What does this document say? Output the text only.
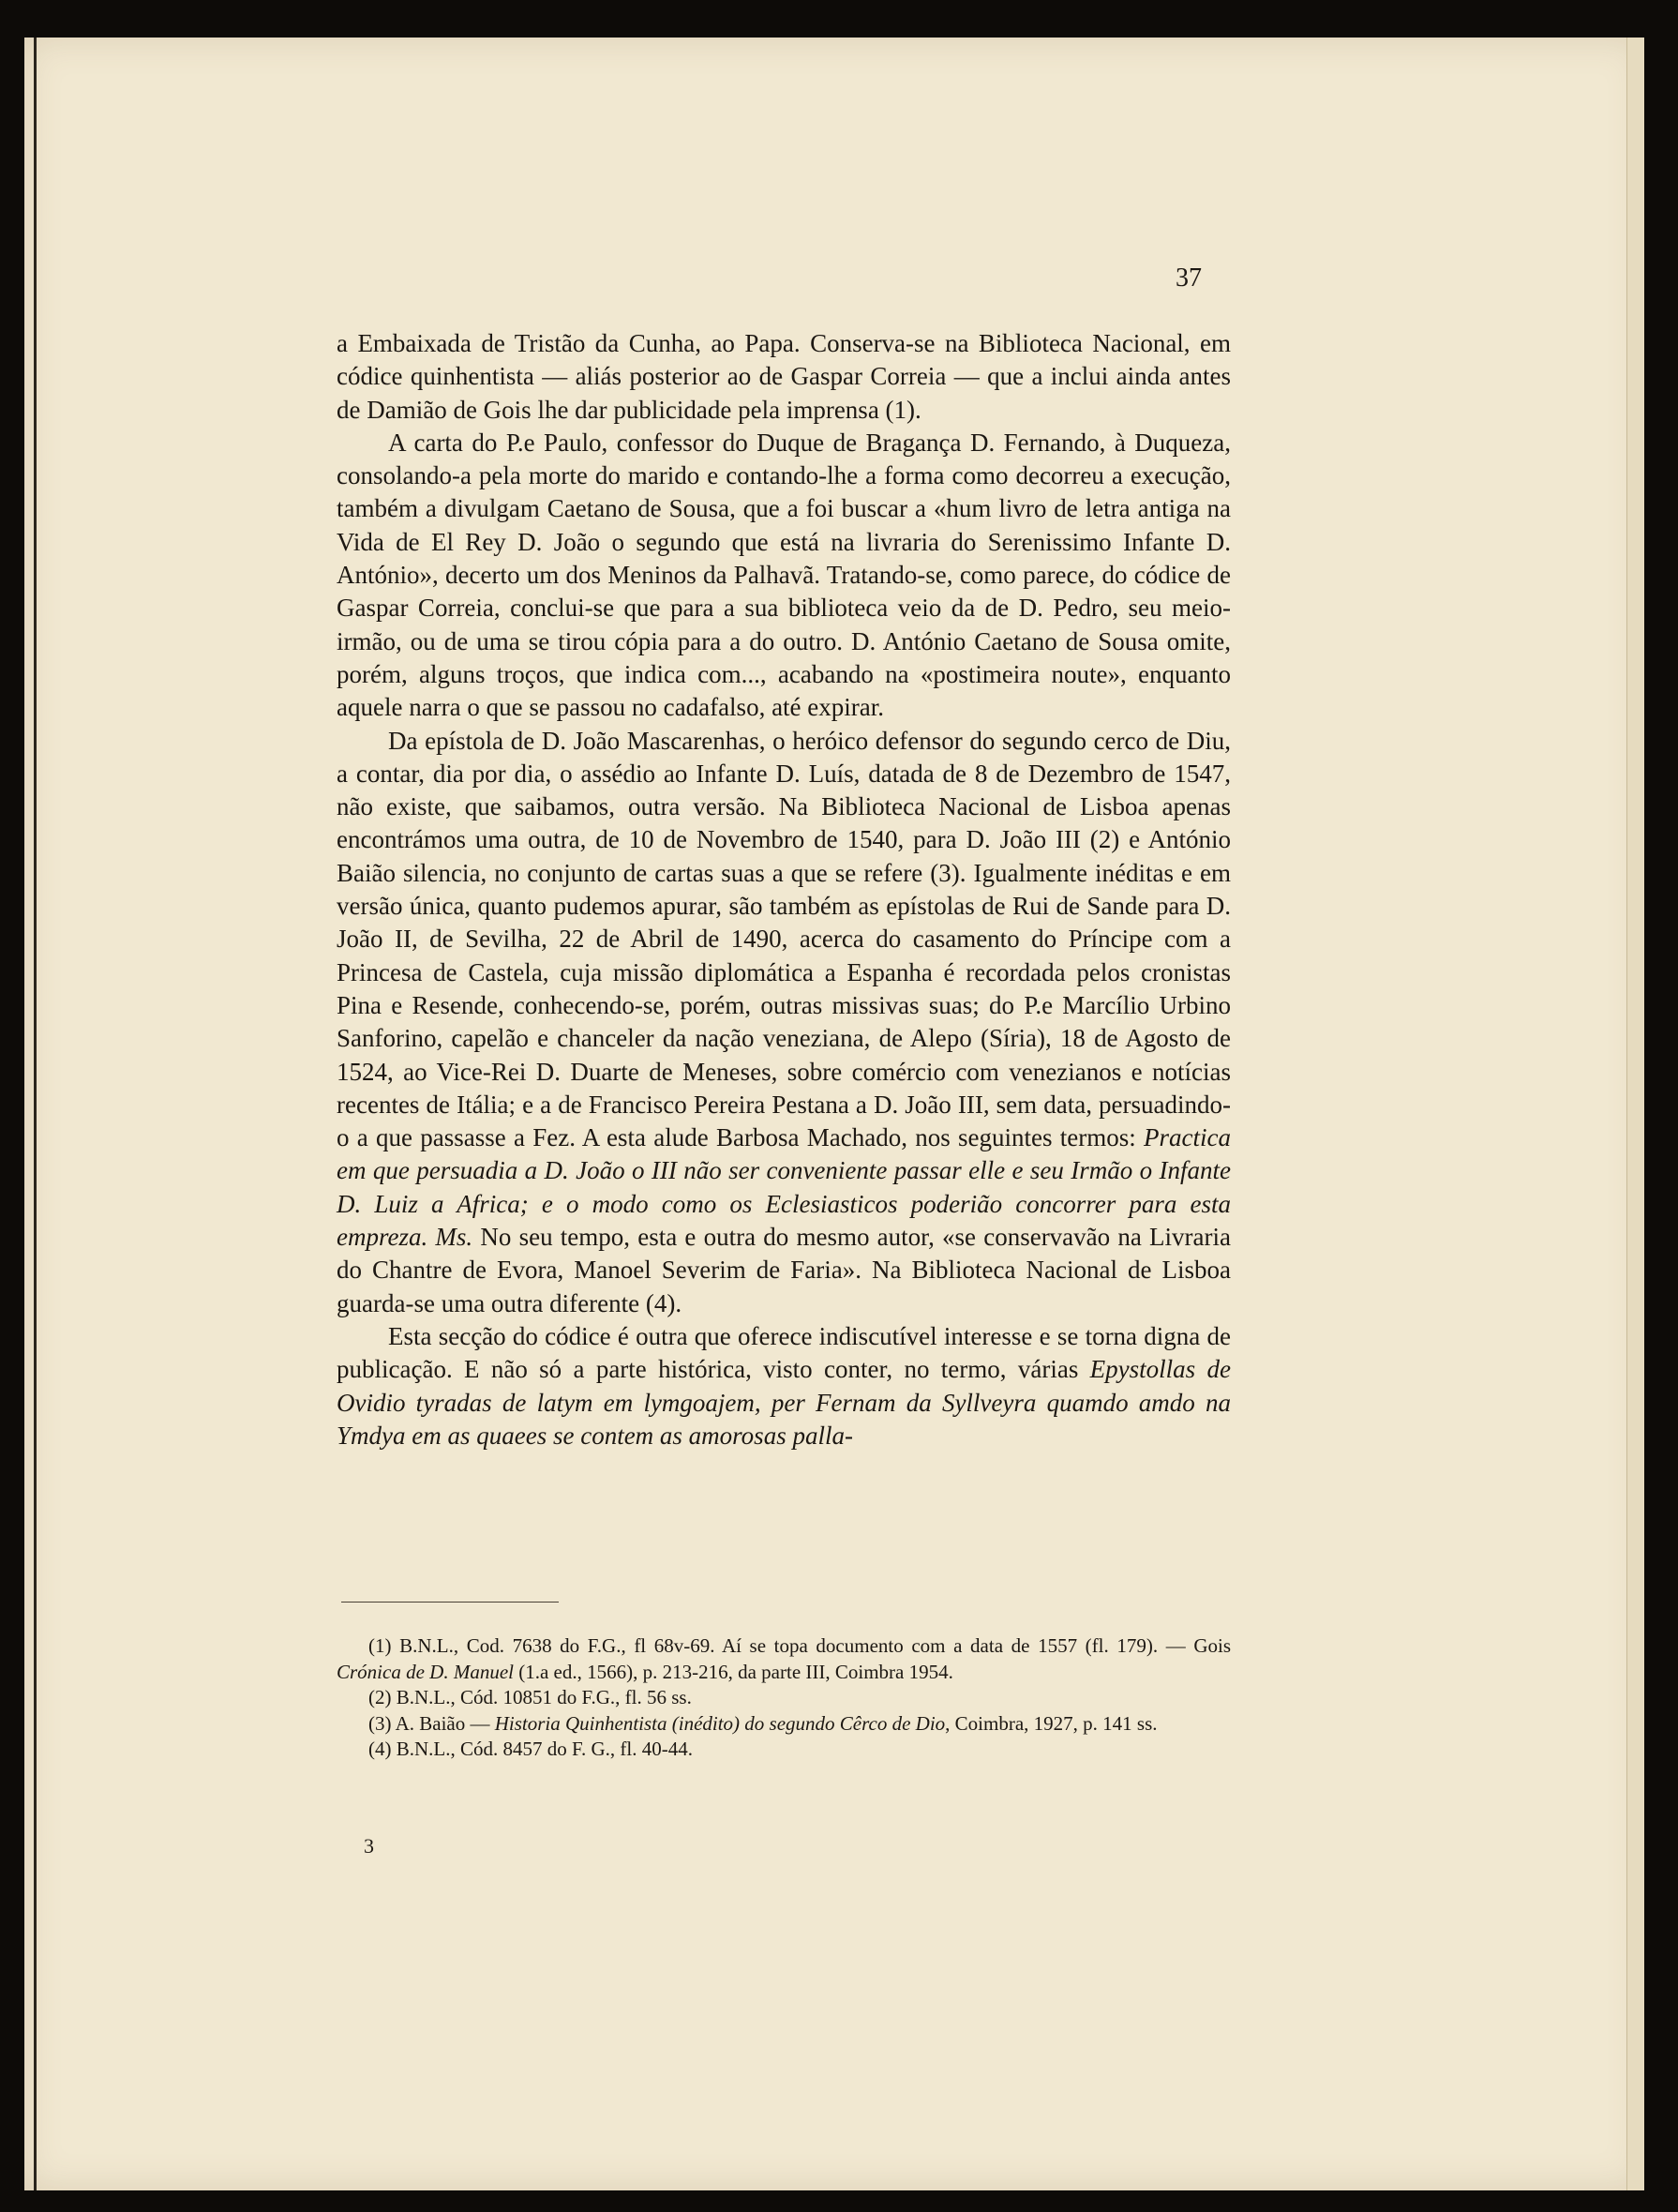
37

a Embaixada de Tristão da Cunha, ao Papa. Conserva-se na Biblioteca Nacional, em códice quinhentista — aliás posterior ao de Gaspar Correia — que a inclui ainda antes de Damião de Gois lhe dar publicidade pela imprensa (1).

A carta do P.e Paulo, confessor do Duque de Bragança D. Fernando, à Duqueza, consolando-a pela morte do marido e contando-lhe a forma como decorreu a execução, também a divulgam Caetano de Sousa, que a foi buscar a «hum livro de letra antiga na Vida de El Rey D. João o segundo que está na livraria do Serenissimo Infante D. António», decerto um dos Meninos da Palhavã. Tratando-se, como parece, do códice de Gaspar Correia, conclui-se que para a sua biblioteca veio da de D. Pedro, seu meio-irmão, ou de uma se tirou cópia para a do outro. D. António Caetano de Sousa omite, porém, alguns troços, que indica com..., acabando na «postimeira noute», enquanto aquele narra o que se passou no cadafalso, até expirar.

Da epístola de D. João Mascarenhas, o heróico defensor do segundo cerco de Diu, a contar, dia por dia, o assédio ao Infante D. Luís, datada de 8 de Dezembro de 1547, não existe, que saibamos, outra versão. Na Biblioteca Nacional de Lisboa apenas encontrámos uma outra, de 10 de Novembro de 1540, para D. João III (2) e António Baião silencia, no conjunto de cartas suas a que se refere (3). Igualmente inéditas e em versão única, quanto pudemos apurar, são também as epístolas de Rui de Sande para D. João II, de Sevilha, 22 de Abril de 1490, acerca do casamento do Príncipe com a Princesa de Castela, cuja missão diplomática a Espanha é recordada pelos cronistas Pina e Resende, conhecendo-se, porém, outras missivas suas; do P.e Marcílio Urbino Sanforino, capelão e chanceler da nação veneziana, de Alepo (Síria), 18 de Agosto de 1524, ao Vice-Rei D. Duarte de Meneses, sobre comércio com venezianos e notícias recentes de Itália; e a de Francisco Pereira Pestana a D. João III, sem data, persuadindo-o a que passasse a Fez. A esta alude Barbosa Machado, nos seguintes termos: Practica em que persuadia a D. João o III não ser conveniente passar elle e seu Irmão o Infante D. Luiz a Africa; e o modo como os Eclesiasticos poderião concorrer para esta empreza. Ms. No seu tempo, esta e outra do mesmo autor, «se conservavão na Livraria do Chantre de Evora, Manoel Severim de Faria». Na Biblioteca Nacional de Lisboa guarda-se uma outra diferente (4).

Esta secção do códice é outra que oferece indiscutível interesse e se torna digna de publicação. E não só a parte histórica, visto conter, no termo, várias Epystollas de Ovidio tyradas de latym em lymgoajem, per Fernam da Syllveyra quamdo amdo na Ymdya em as quaees se contem as amorosas palla-

(1) B.N.L., Cod. 7638 do F.G., fl 68v-69. Aí se topa documento com a data de 1557 (fl. 179). — Gois Crónica de D. Manuel (1.a ed., 1566), p. 213-216, da parte III, Coimbra 1954.

(2) B.N.L., Cód. 10851 do F.G., fl. 56 ss.

(3) A. Baião — Historia Quinhentista (inédito) do segundo Cêrco de Dio, Coimbra, 1927, p. 141 ss.

(4) B.N.L., Cód. 8457 do F. G., fl. 40-44.

3
